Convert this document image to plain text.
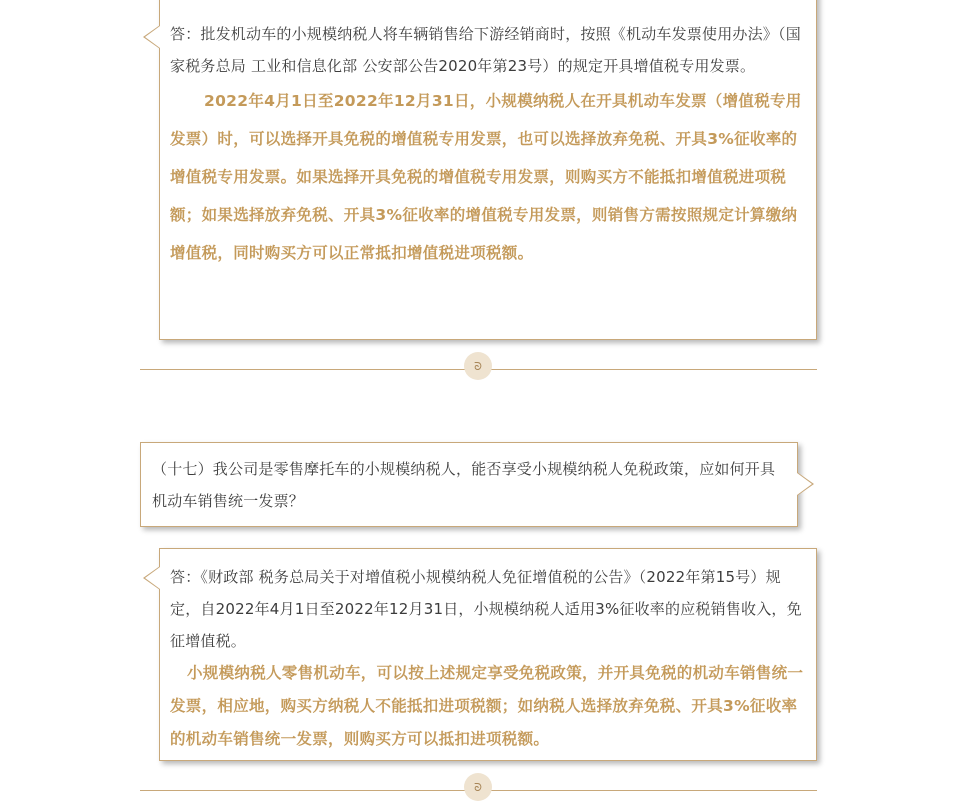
答：批发机动车的小规模纳税人将车辆销售给下游经销商时，按照《机动车发票使用办法》（国家税务总局 工业和信息化部 公安部公告2020年第23号）的规定开具增值税专用发票。

2022年4月1日至2022年12月31日，小规模纳税人在开具机动车发票（增值税专用发票）时，可以选择开具免税的增值税专用发票，也可以选择放弃免税、开具3%征收率的增值税专用发票。如果选择开具免税的增值税专用发票，则购买方不能抵扣增值税进项税额；如果选择放弃免税、开具3%征收率的增值税专用发票，则销售方需按照规定计算缴纳增值税，同时购买方可以正常抵扣增值税进项税额。

ᘐ

（十七）我公司是零售摩托车的小规模纳税人，能否享受小规模纳税人免税政策，应如何开具机动车销售统一发票？

答：《财政部 税务总局关于对增值税小规模纳税人免征增值税的公告》（2022年第15号）规定，自2022年4月1日至2022年12月31日，小规模纳税人适用3%征收率的应税销售收入，免征增值税。

小规模纳税人零售机动车，可以按上述规定享受免税政策，并开具免税的机动车销售统一发票，相应地，购买方纳税人不能抵扣进项税额；如纳税人选择放弃免税、开具3%征收率的机动车销售统一发票，则购买方可以抵扣进项税额。

ᘐ
